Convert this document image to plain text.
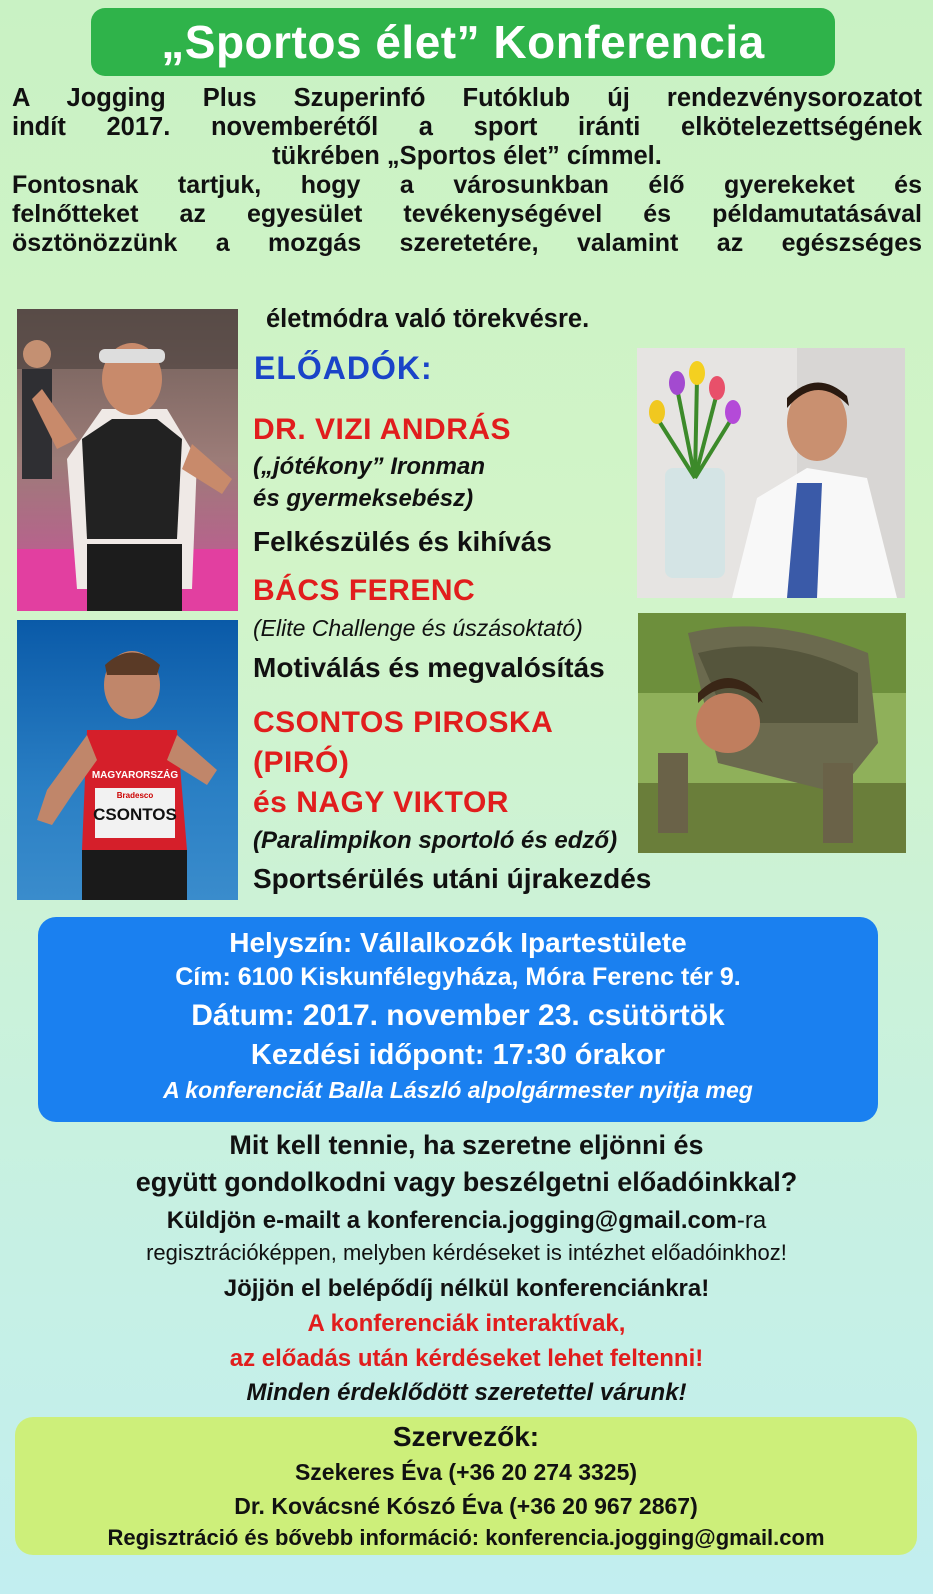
„Sportos élet” Konferencia
A Jogging Plus Szuperinfó Futóklub új rendezvénysorozatot
indít 2017. novemberétől a sport iránti elkötelezettségének
tükrében „Sportos élet” címmel.
Fontosnak tartjuk, hogy a városunkban élő gyerekeket és
felnőtteket az egyesület tevékenységével és példamutatásával
ösztönözzünk a mozgás szeretetére, valamint az egészséges
életmódra való törekvésre.
CSONTOS
MAGYARORSZÁG
Bradesco
ELŐADÓK:
DR. VIZI ANDRÁS
(„jótékony” Ironman
és gyermeksebész)
Felkészülés és kihívás
BÁCS FERENC
(Elite Challenge és úszásoktató)
Motiválás és megvalósítás
CSONTOS PIROSKA
(PIRÓ)
és NAGY VIKTOR
(Paralimpikon sportoló és edző)
Sportsérülés utáni újrakezdés
Helyszín: Vállalkozók Ipartestülete
Cím: 6100 Kiskunfélegyháza, Móra Ferenc tér 9.
Dátum: 2017. november 23. csütörtök
Kezdési időpont: 17:30 órakor
A konferenciát Balla László alpolgármester nyitja meg
Mit kell tennie, ha szeretne eljönni és
együtt gondolkodni vagy beszélgetni előadóinkkal?
Küldjön e-mailt a konferencia.jogging@gmail.com-ra
regisztrációképpen, melyben kérdéseket is intézhet előadóinkhoz!
Jöjjön el belépődíj nélkül konferenciánkra!
A konferenciák interaktívak,
az előadás után kérdéseket lehet feltenni!
Minden érdeklődött szeretettel várunk!
Szervezők:
Szekeres Éva (+36 20 274 3325)
Dr. Kovácsné Kószó Éva (+36 20 967 2867)
Regisztráció és bővebb információ: konferencia.jogging@gmail.com
